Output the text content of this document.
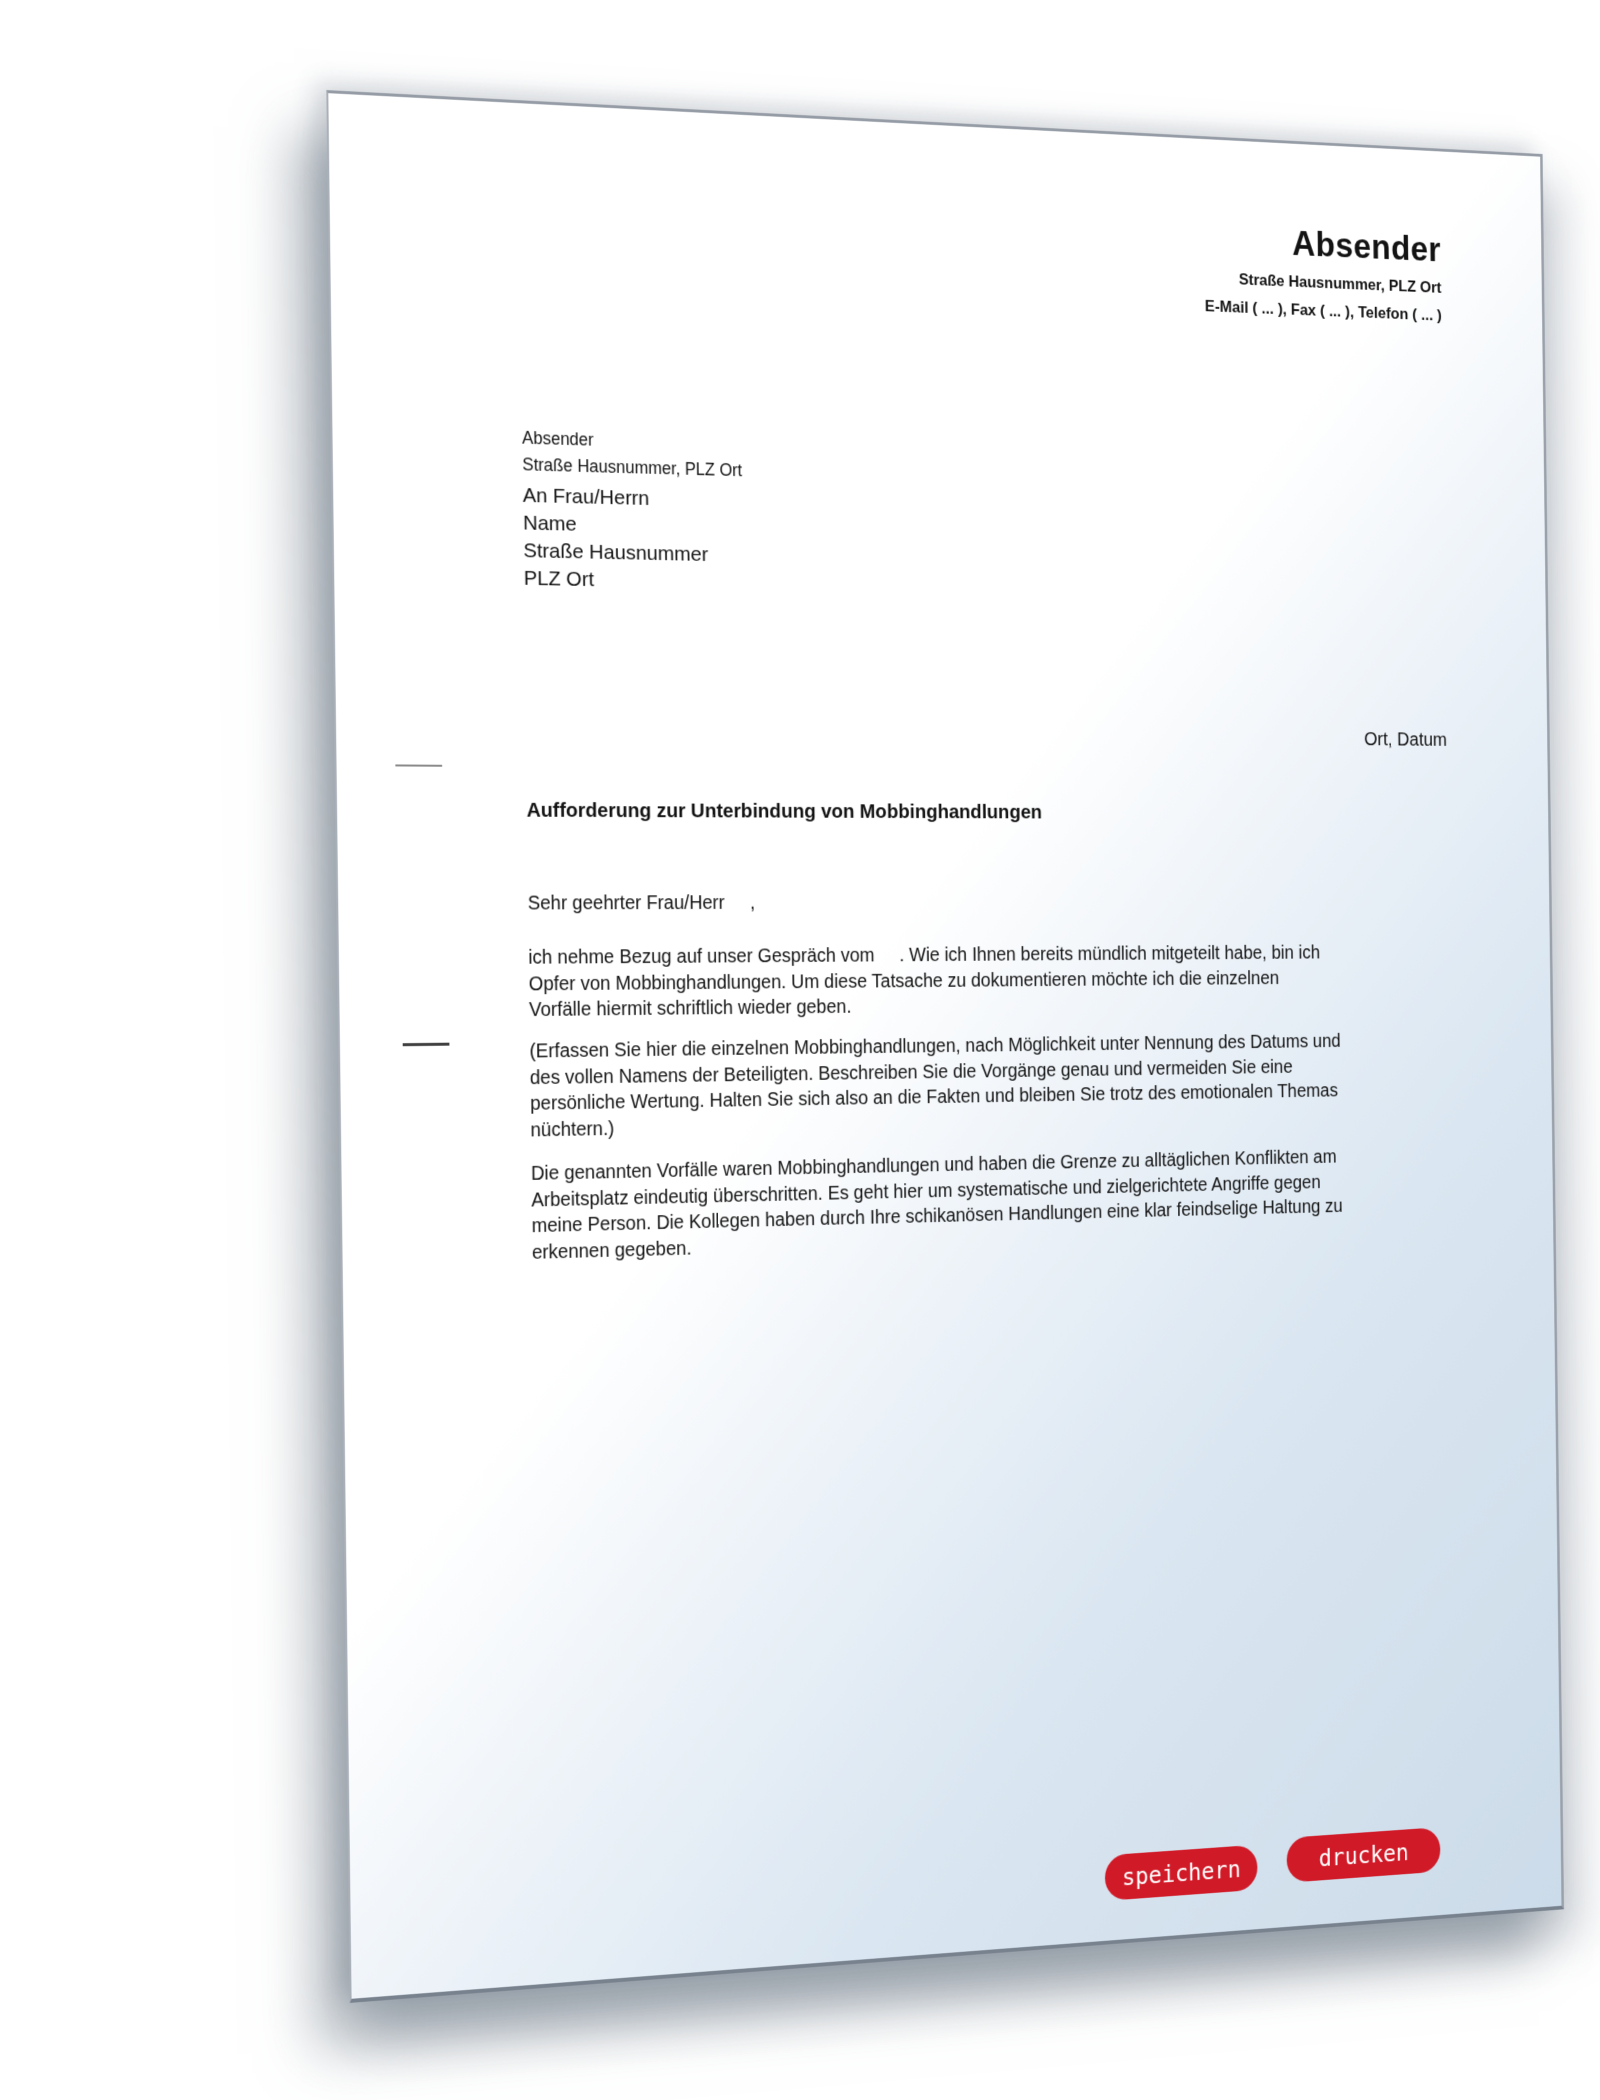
Absender
Straße Hausnummer, PLZ Ort
E-Mail ( ... ), Fax ( ... ), Telefon ( ... )
Absender
Straße Hausnummer, PLZ Ort
An Frau/Herrn
Name
Straße Hausnummer
PLZ Ort
Ort, Datum
Aufforderung zur Unterbindung von Mobbinghandlungen
Sehr geehrter Frau/Herr     ,
ich nehme Bezug auf unser Gespräch vom     . Wie ich Ihnen bereits mündlich mitgeteilt habe, bin ich
Opfer von Mobbinghandlungen. Um diese Tatsache zu dokumentieren möchte ich die einzelnen
Vorfälle hiermit schriftlich wieder geben.
(Erfassen Sie hier die einzelnen Mobbinghandlungen, nach Möglichkeit unter Nennung des Datums und
des vollen Namens der Beteiligten. Beschreiben Sie die Vorgänge genau und vermeiden Sie eine
persönliche Wertung. Halten Sie sich also an die Fakten und bleiben Sie trotz des emotionalen Themas
nüchtern.)
Die genannten Vorfälle waren Mobbinghandlungen und haben die Grenze zu alltäglichen Konflikten am
Arbeitsplatz eindeutig überschritten. Es geht hier um systematische und zielgerichtete Angriffe gegen
meine Person. Die Kollegen haben durch Ihre schikanösen Handlungen eine klar feindselige Haltung zu
erkennen gegeben.
speichern	drucken
